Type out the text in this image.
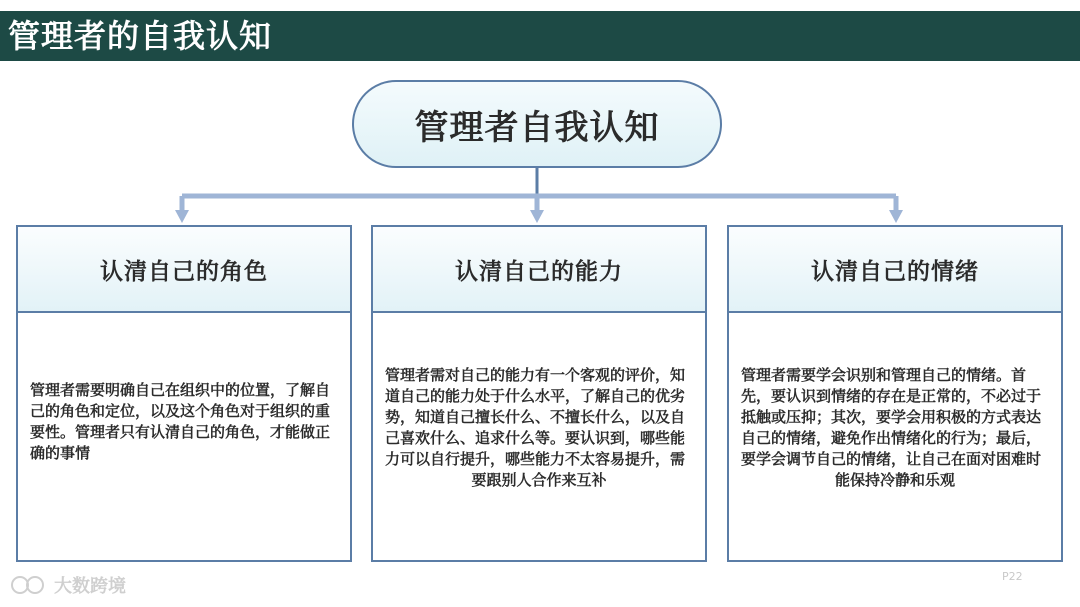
管理者的自我认知
管理者自我认知
认清自己的角色
管理者需要明确自己在组织中的位置，了解自己的角色和定位，以及这个角色对于组织的重要性。管理者只有认清自己的角色，才能做正确的事情
认清自己的能力
管理者需对自己的能力有一个客观的评价，知道自己的能力处于什么水平，了解自己的优劣势，知道自己擅长什么、不擅长什么，以及自己喜欢什么、追求什么等。要认识到，哪些能力可以自行提升，哪些能力不太容易提升，需要跟别人合作来互补
认清自己的情绪
管理者需要学会识别和管理自己的情绪。首先，要认识到情绪的存在是正常的，不必过于抵触或压抑；其次，要学会用积极的方式表达自己的情绪，避免作出情绪化的行为；最后，要学会调节自己的情绪，让自己在面对困难时能保持冷静和乐观
P22
大数跨境
